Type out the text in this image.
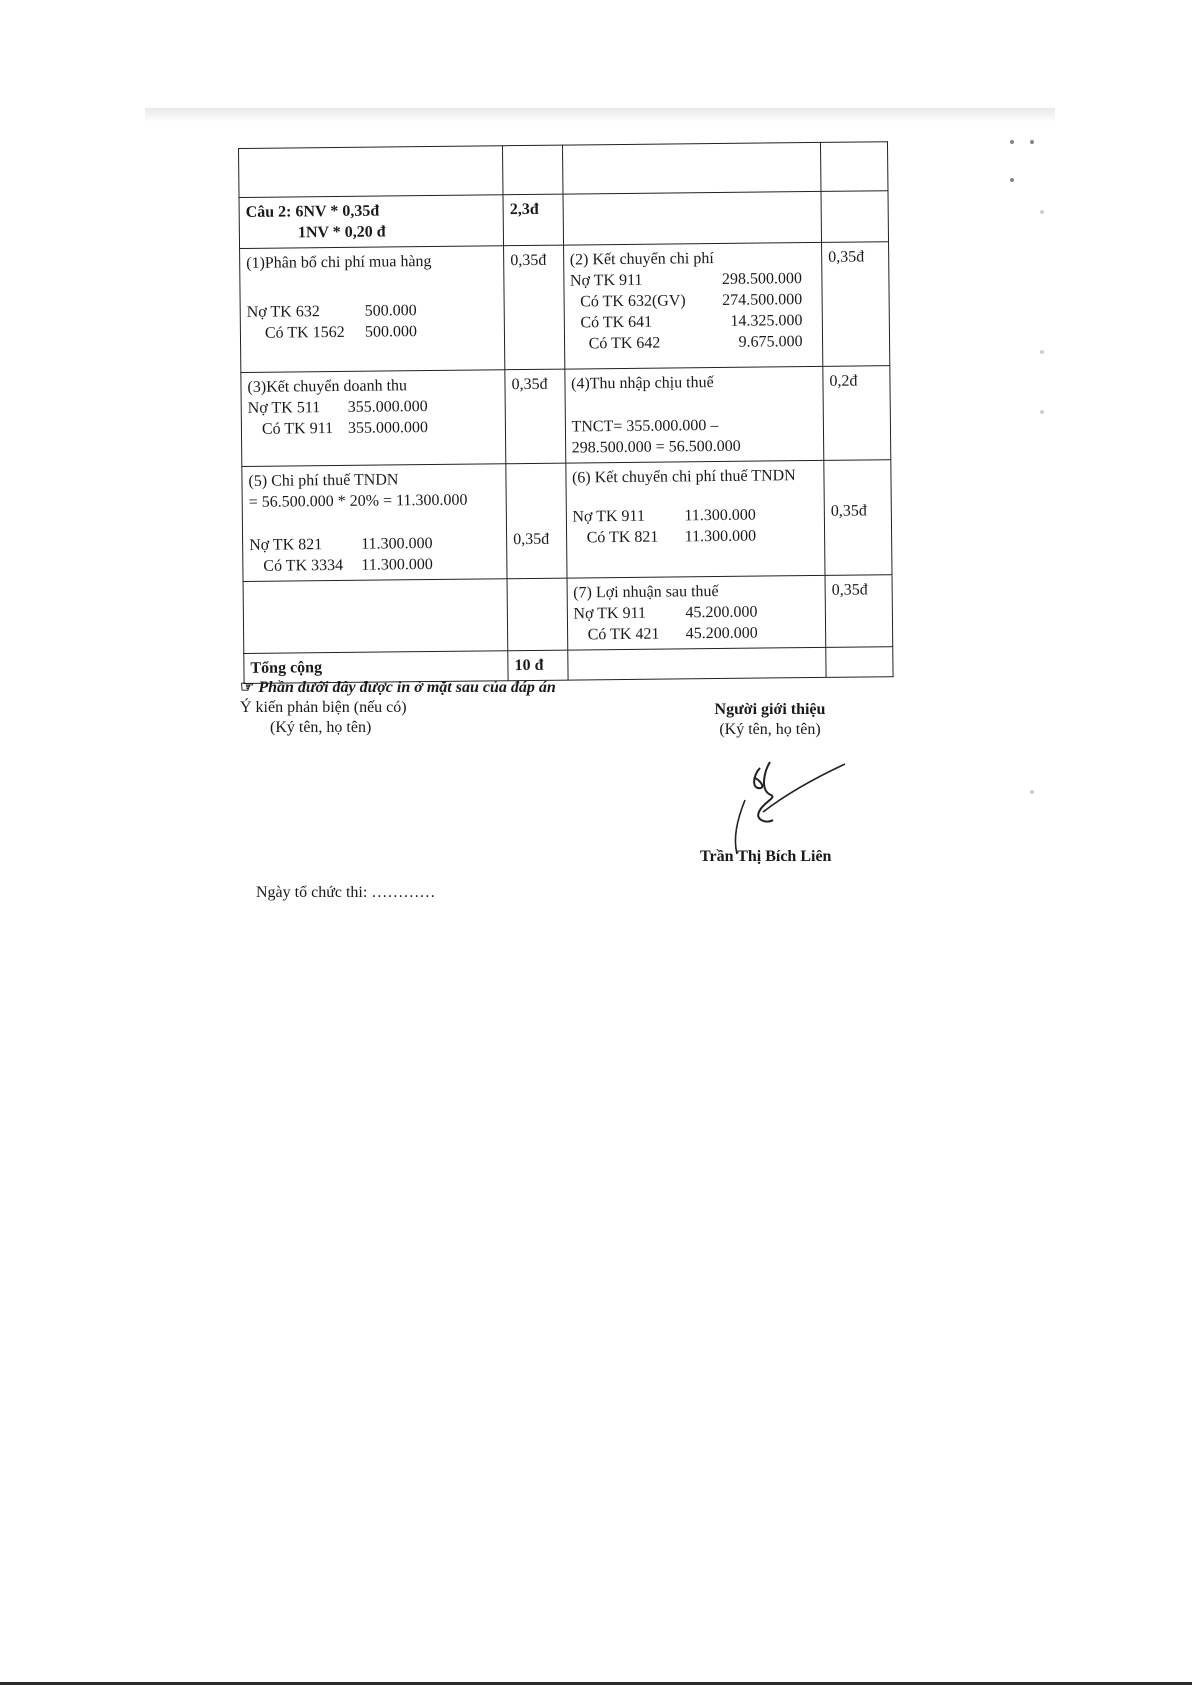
Câu 2: 6NV * 0,35đ
1NV * 0,20 đ	2,3đ		

(1)Phân bổ chi phí mua hàng
Nợ TK 632 500.000
Có TK 1562 500.000	0,35đ	(2) Kết chuyển chi phí
Nợ TK 911 298.500.000
Có TK 632(GV) 274.500.000
Có TK 641 14.325.000
Có TK 642 9.675.000	0,35đ

(3)Kết chuyển doanh thu
Nợ TK 511 355.000.000
Có TK 911 355.000.000	0,35đ	(4)Thu nhập chịu thuế
TNCT= 355.000.000 –
298.500.000 = 56.500.000	0,2đ

(5) Chi phí thuế TNDN
= 56.500.000 * 20% = 11.300.000
Nợ TK 821 11.300.000
Có TK 3334 11.300.000	0,35đ	(6) Kết chuyển chi phí thuế TNDN
Nợ TK 911 11.300.000
Có TK 821 11.300.000	0,35đ

		(7) Lợi nhuận sau thuế
Nợ TK 911 45.200.000
Có TK 421 45.200.000	0,35đ
Tổng cộng	10 đ		
☞ Phần dưới đây được in ở mặt sau của đáp án
Ý kiến phản biện (nếu có)
(Ký tên, họ tên)
Người giới thiệu
(Ký tên, họ tên)
Trần Thị Bích Liên
Ngày tổ chức thi: …………
